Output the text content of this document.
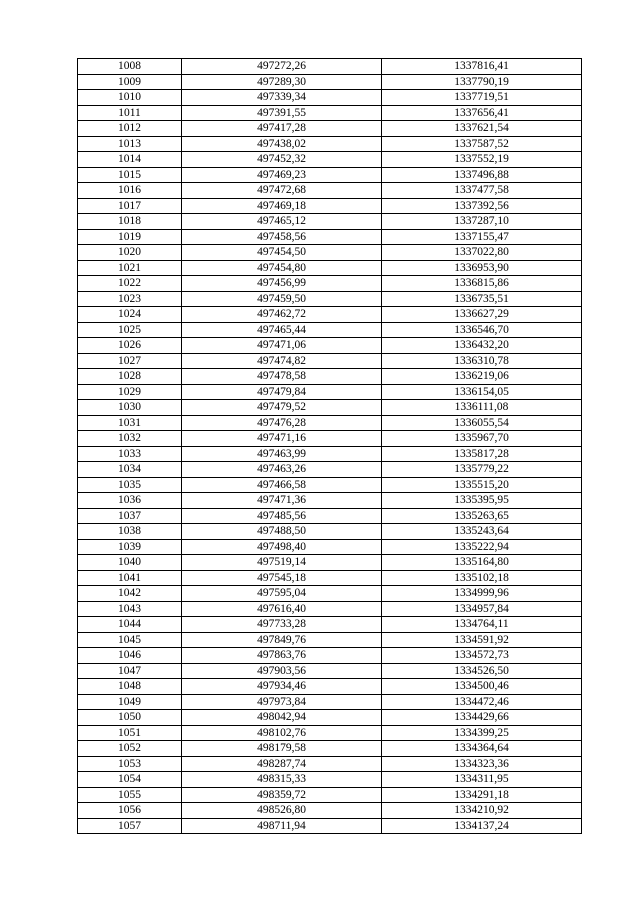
1008	497272,26	1337816,41
1009	497289,30	1337790,19
1010	497339,34	1337719,51
1011	497391,55	1337656,41
1012	497417,28	1337621,54
1013	497438,02	1337587,52
1014	497452,32	1337552,19
1015	497469,23	1337496,88
1016	497472,68	1337477,58
1017	497469,18	1337392,56
1018	497465,12	1337287,10
1019	497458,56	1337155,47
1020	497454,50	1337022,80
1021	497454,80	1336953,90
1022	497456,99	1336815,86
1023	497459,50	1336735,51
1024	497462,72	1336627,29
1025	497465,44	1336546,70
1026	497471,06	1336432,20
1027	497474,82	1336310,78
1028	497478,58	1336219,06
1029	497479,84	1336154,05
1030	497479,52	1336111,08
1031	497476,28	1336055,54
1032	497471,16	1335967,70
1033	497463,99	1335817,28
1034	497463,26	1335779,22
1035	497466,58	1335515,20
1036	497471,36	1335395,95
1037	497485,56	1335263,65
1038	497488,50	1335243,64
1039	497498,40	1335222,94
1040	497519,14	1335164,80
1041	497545,18	1335102,18
1042	497595,04	1334999,96
1043	497616,40	1334957,84
1044	497733,28	1334764,11
1045	497849,76	1334591,92
1046	497863,76	1334572,73
1047	497903,56	1334526,50
1048	497934,46	1334500,46
1049	497973,84	1334472,46
1050	498042,94	1334429,66
1051	498102,76	1334399,25
1052	498179,58	1334364,64
1053	498287,74	1334323,36
1054	498315,33	1334311,95
1055	498359,72	1334291,18
1056	498526,80	1334210,92
1057	498711,94	1334137,24
